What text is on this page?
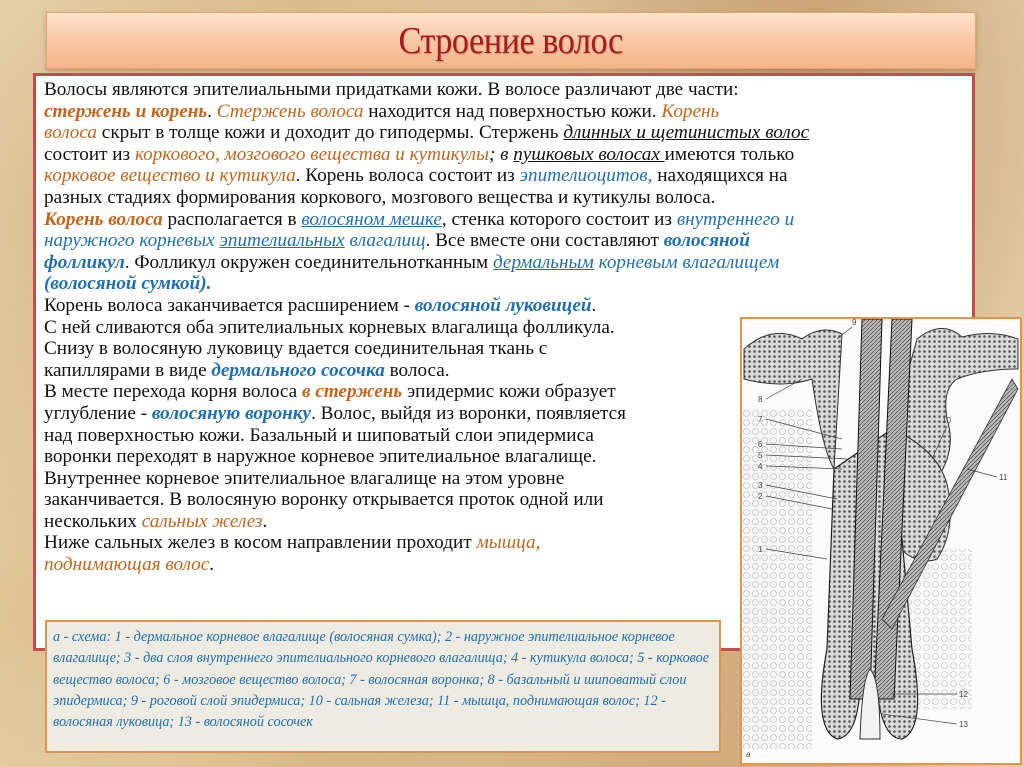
Строение волос
Волосы являются эпителиальными придатками кожи. В волосе различают две части:
стержень и корень. Стержень волоса находится над поверхностью кожи. Корень
волоса скрыт в толще кожи и доходит до гиподермы. Стержень длинных и щетинистых волос
состоит из коркового, мозгового вещества и кутикулы; в пушковых волосах имеются только
корковое вещество и кутикула. Корень волоса состоит из эпителиоцитов, находящихся на
разных стадиях формирования коркового, мозгового вещества и кутикулы волоса.
Корень волоса располагается в волосяном мешке, стенка которого состоит из внутреннего и
наружного корневых эпителиальных влагалищ. Все вместе они составляют волосяной
фолликул. Фолликул окружен соединительнотканным дермальным корневым влагалищем
(волосяной сумкой).
Корень волоса заканчивается расширением - волосяной луковицей.
С ней сливаются оба эпителиальных корневых влагалища фолликула.
Снизу в волосяную луковицу вдается соединительная ткань с
капиллярами в виде дермального сосочка волоса.
В месте перехода корня волоса в стержень эпидермис кожи образует
углубление - волосяную воронку. Волос, выйдя из воронки, появляется
над поверхностью кожи. Базальный и шиповатый слои эпидермиса
воронки переходят в наружное корневое эпителиальное влагалище.
Внутреннее корневое эпителиальное влагалище на этом уровне
заканчивается. В волосяную воронку открывается проток одной или
нескольких сальных желез.
Ниже сальных желез в косом направлении проходит мышца,
поднимающая волос.
9
8
7
6
5
4
3
2
1
10
11
12
13
а
а - схема: 1 - дермальное корневое влагалище (волосяная сумка); 2 - наружное эпителиальное корневое влагалище; 3 - два слоя внутреннего эпителиального корневого влагалища; 4 - кутикула волоса; 5 - корковое вещество волоса; 6 - мозговое вещество волоса; 7 - волосяная воронка; 8 - базальный и шиповатый слои эпидермиса; 9 - роговой слой эпидермиса; 10 - сальная железа; 11 - мышца, поднимающая волос; 12 - волосяная луковица; 13 - волосяной сосочек
